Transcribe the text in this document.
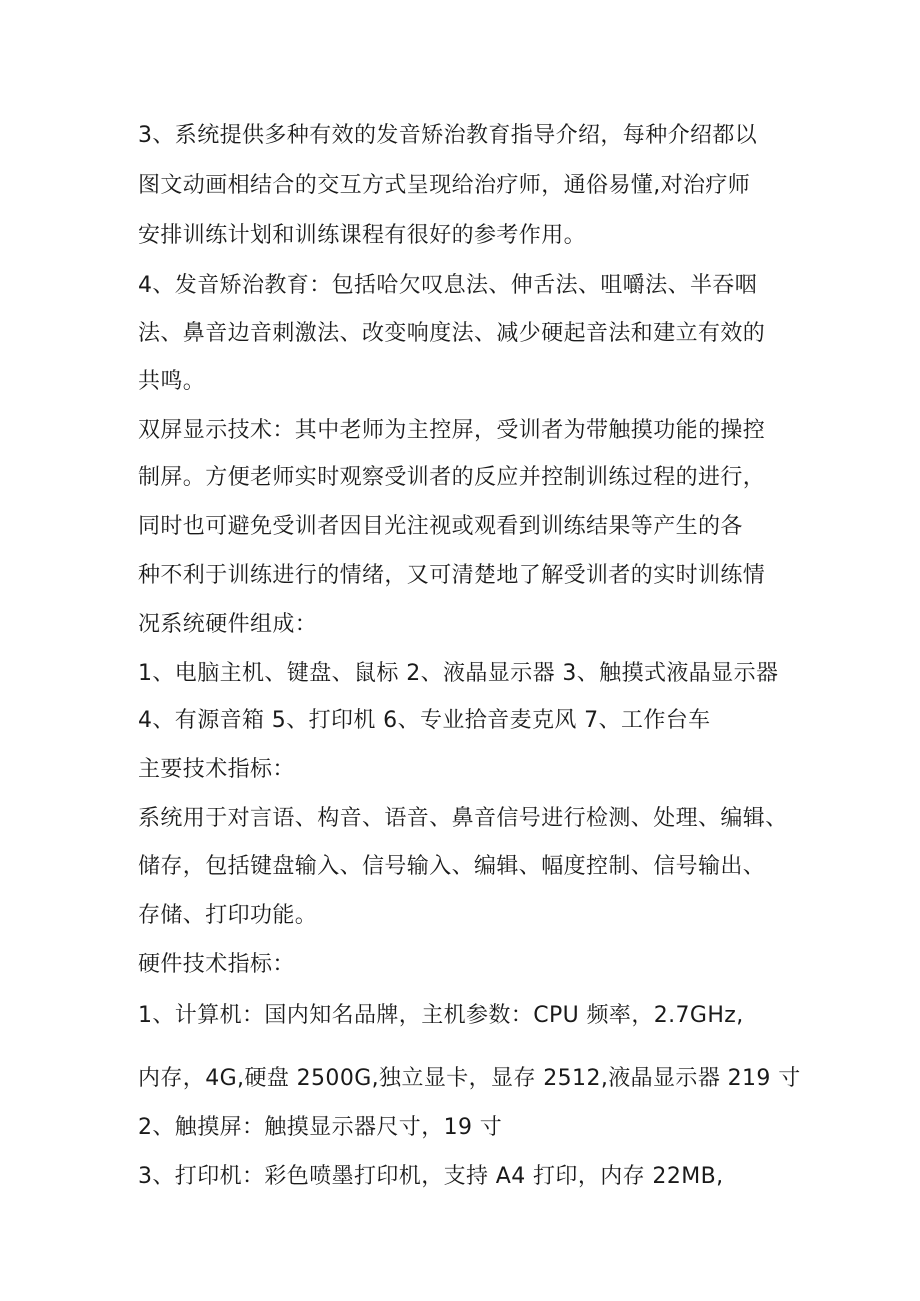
3、系统提供多种有效的发音矫治教育指导介绍，每种介绍都以
图文动画相结合的交互方式呈现给治疗师，通俗易懂,对治疗师
安排训练计划和训练课程有很好的参考作用。
4、发音矫治教育：包括哈欠叹息法、伸舌法、咀嚼法、半吞咽
法、鼻音边音刺激法、改变响度法、减少硬起音法和建立有效的
共鸣。
双屏显示技术：其中老师为主控屏，受训者为带触摸功能的操控
制屏。方便老师实时观察受训者的反应并控制训练过程的进行，
同时也可避免受训者因目光注视或观看到训练结果等产生的各
种不利于训练进行的情绪，又可清楚地了解受训者的实时训练情
况系统硬件组成：
1、电脑主机、键盘、鼠标 2、液晶显示器 3、触摸式液晶显示器
4、有源音箱 5、打印机 6、专业拾音麦克风 7、工作台车
主要技术指标：
系统用于对言语、构音、语音、鼻音信号进行检测、处理、编辑、
储存，包括键盘输入、信号输入、编辑、幅度控制、信号输出、
存储、打印功能。
硬件技术指标：
1、计算机：国内知名品牌，主机参数：CPU 频率，2.7GHz,
内存，4G,硬盘 2500G,独立显卡，显存 2512,液晶显示器 219 寸
2、触摸屏：触摸显示器尺寸，19 寸
3、打印机：彩色喷墨打印机，支持 A4 打印，内存 22MB,
